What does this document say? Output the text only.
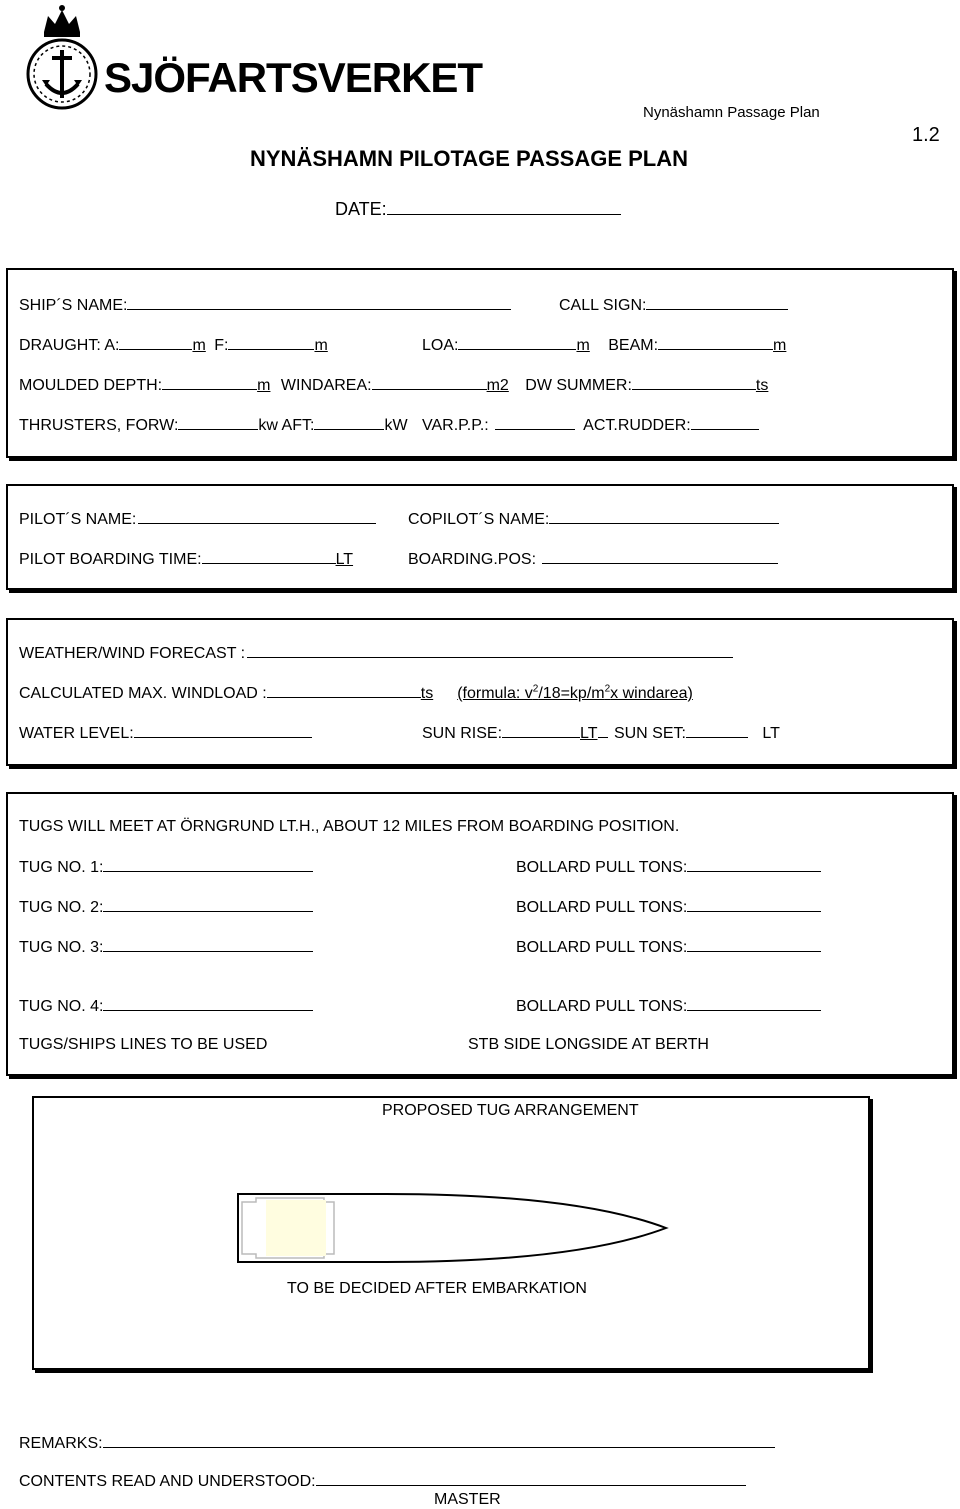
SJÖFARTSVERKET
Nynäshamn Passage Plan
1.2
NYNÄSHAMN PILOTAGE PASSAGE PLAN
DATE:
SHIP´S NAME:	CALL SIGN:
DRAUGHT: A:	m F:	m	LOA:	m BEAM:	m
MOULDED DEPTH:	m WINDAREA:	m2 DW SUMMER:	ts
THRUSTERS, FORW:	kw AFT:	kW VAR.P.P.:	ACT.RUDDER:
PILOT´S NAME:	COPILOT´S NAME:
PILOT BOARDING TIME:	LT	BOARDING.POS:
WEATHER/WIND FORECAST :
CALCULATED MAX. WINDLOAD :	ts (formula: $v^2/18=kp/m^2x$ windarea)
WATER LEVEL:	SUN RISE:	LT SUN SET:	LT
TUGS WILL MEET AT ÖRNGRUND LT.H., ABOUT 12 MILES FROM BOARDING POSITION.
TUG NO. 1:	BOLLARD PULL TONS:
TUG NO. 2:	BOLLARD PULL TONS:
TUG NO. 3:	BOLLARD PULL TONS:
TUG NO. 4:	BOLLARD PULL TONS:
TUGS/SHIPS LINES TO BE USED	STB SIDE LONGSIDE AT BERTH
PROPOSED TUG ARRANGEMENT
TO BE DECIDED AFTER EMBARKATION
REMARKS:
CONTENTS READ AND UNDERSTOOD:
MASTER
